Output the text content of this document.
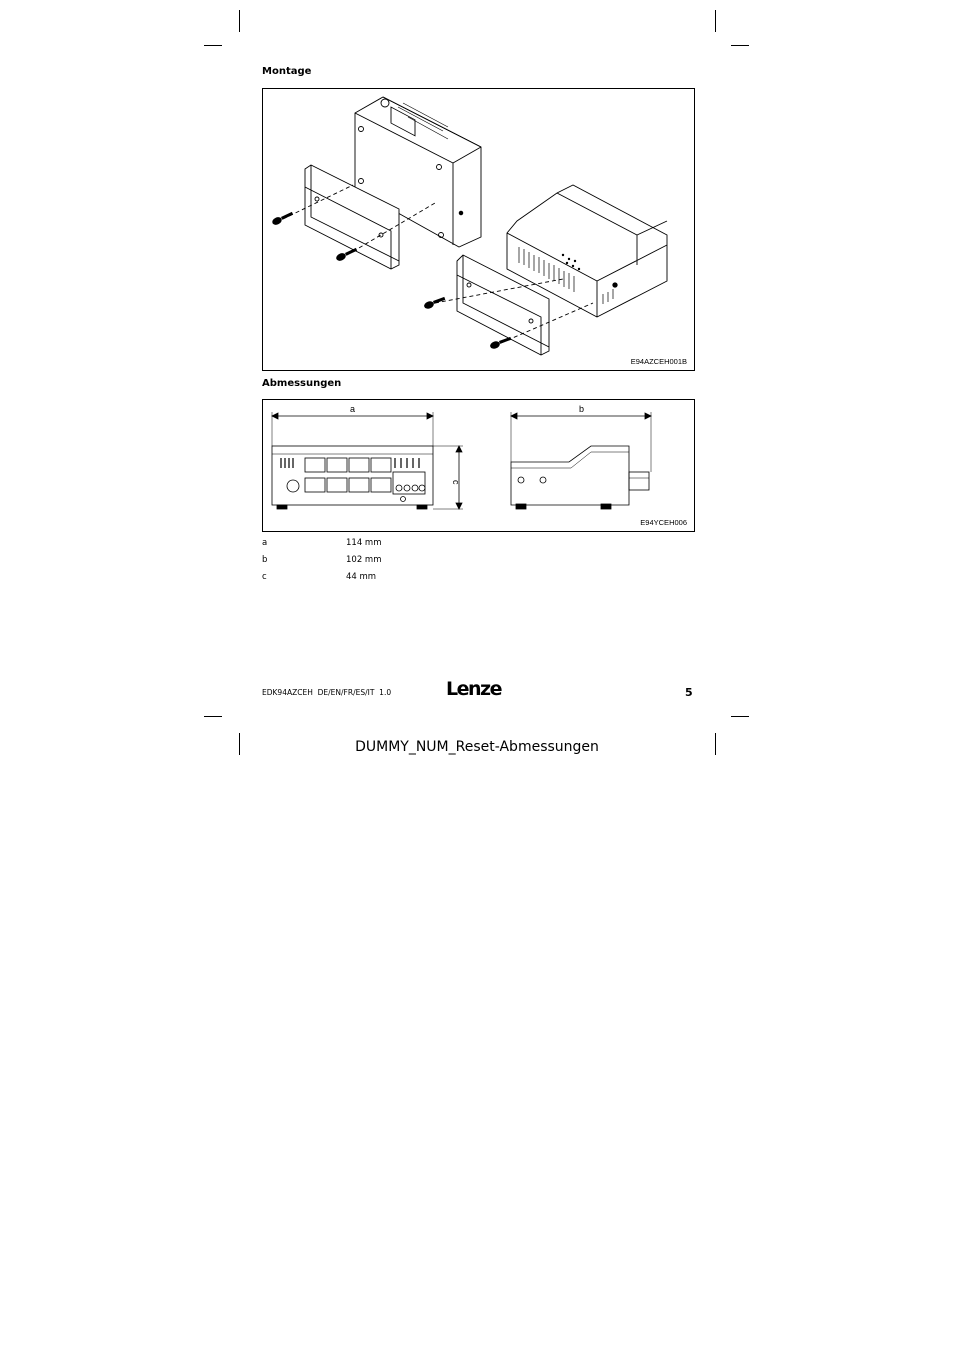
Montage
E94AZCEH001B
Abmessungen
a	b
c
E94YCEH006
a	114 mm
b	102 mm
c	44 mm
EDK94AZCEH  DE/EN/FR/ES/IT  1.0	Lenze	5
DUMMY_NUM_Reset-Abmessungen
